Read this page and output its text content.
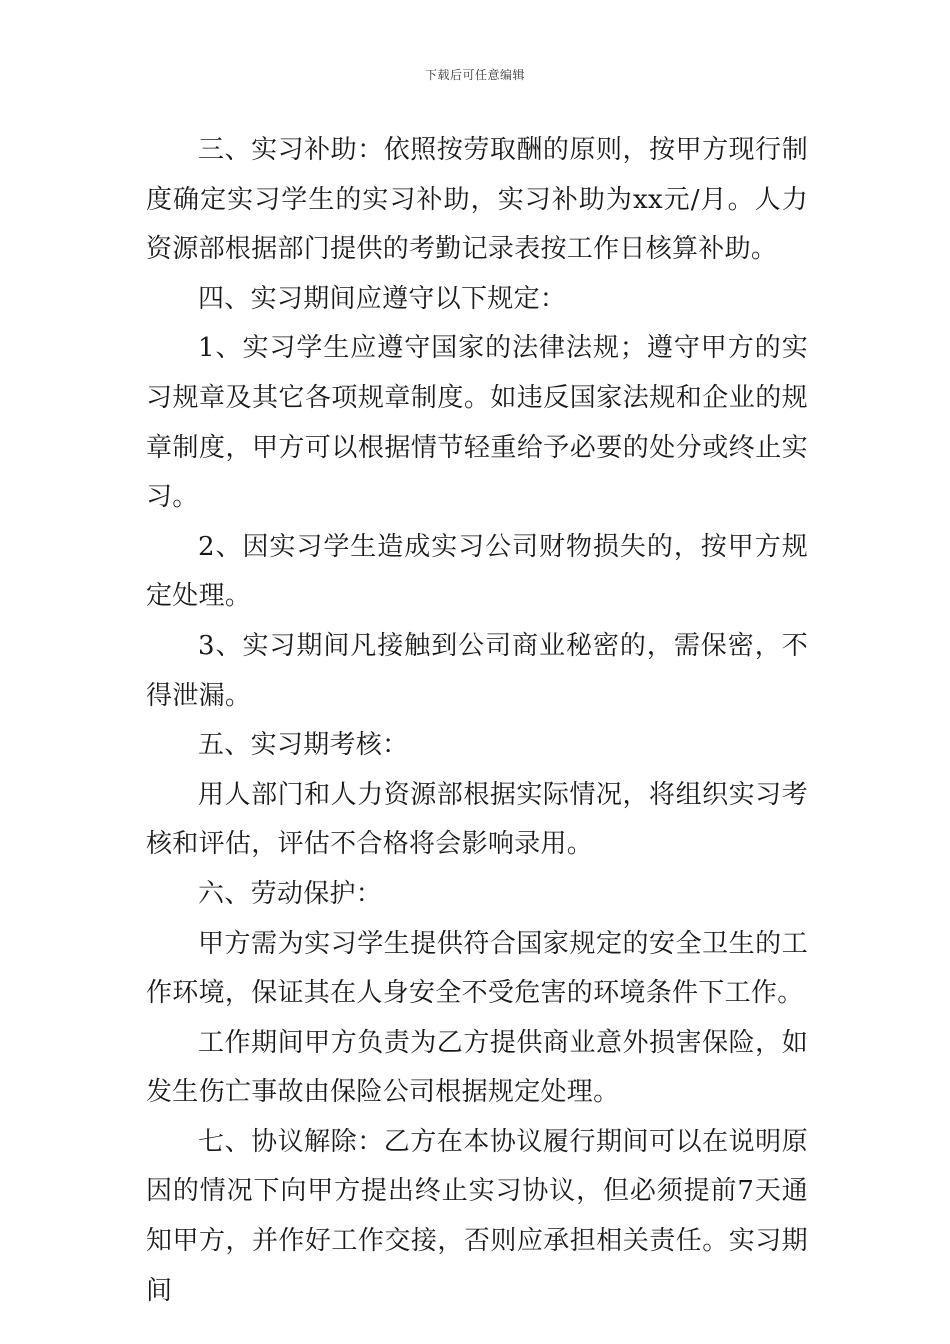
下载后可任意编辑

三、实习补助：依照按劳取酬的原则，按甲方现行制度确定实习学生的实习补助，实习补助为xx元/月。人力资源部根据部门提供的考勤记录表按工作日核算补助。

四、实习期间应遵守以下规定：

1、实习学生应遵守国家的法律法规；遵守甲方的实习规章及其它各项规章制度。如违反国家法规和企业的规章制度，甲方可以根据情节轻重给予必要的处分或终止实习。

2、因实习学生造成实习公司财物损失的，按甲方规定处理。

3、实习期间凡接触到公司商业秘密的，需保密，不得泄漏。

五、实习期考核：

用人部门和人力资源部根据实际情况，将组织实习考核和评估，评估不合格将会影响录用。

六、劳动保护：

甲方需为实习学生提供符合国家规定的安全卫生的工作环境，保证其在人身安全不受危害的环境条件下工作。

工作期间甲方负责为乙方提供商业意外损害保险，如发生伤亡事故由保险公司根据规定处理。

七、协议解除：乙方在本协议履行期间可以在说明原因的情况下向甲方提出终止实习协议，但必须提前7天通知甲方，并作好工作交接，否则应承担相关责任。实习期间
